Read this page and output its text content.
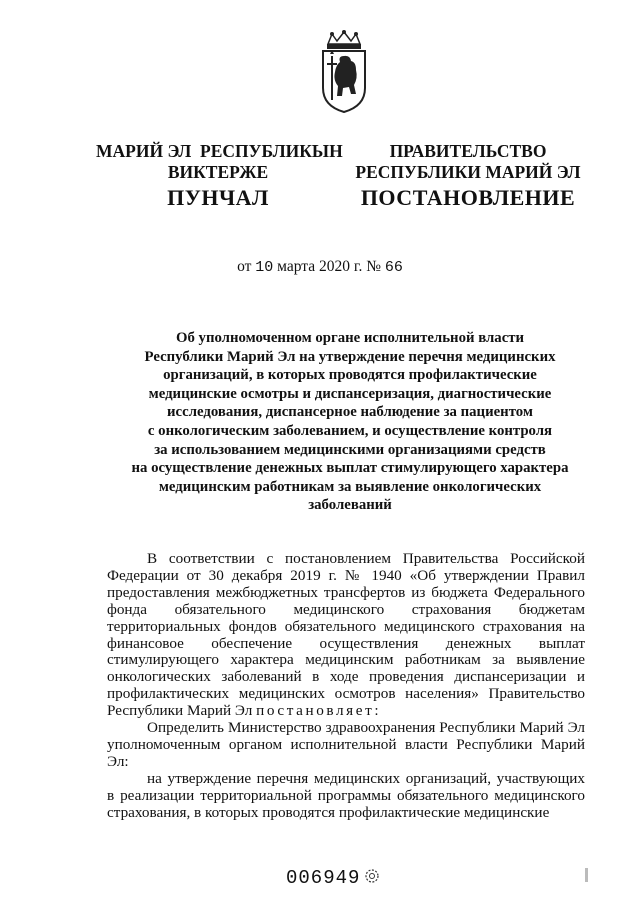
МАРИЙ ЭЛ  РЕСПУБЛИКЫН
ВИКТЕРЖЕ
ПУНЧАЛ
ПРАВИТЕЛЬСТВО
РЕСПУБЛИКИ МАРИЙ ЭЛ
ПОСТАНОВЛЕНИЕ
от 10 марта 2020 г. № 66
Об уполномоченном органе исполнительной власти
Республики Марий Эл на утверждение перечня медицинских
организаций, в которых проводятся профилактические
медицинские осмотры и диспансеризация, диагностические
исследования, диспансерное наблюдение за пациентом
с онкологическим заболеванием, и осуществление контроля
за использованием медицинскими организациями средств
на осуществление денежных выплат стимулирующего характера
медицинским работникам за выявление онкологических
заболеваний

В соответствии с постановлением Правительства Российской Федерации от 30 декабря 2019 г. № 1940 «Об утверждении Правил предоставления межбюджетных трансфертов из бюджета Федерального фонда обязательного медицинского страхования бюджетам территориальных фондов обязательного медицинского страхования на финансовое обеспечение осуществления денежных выплат стимулирующего характера медицинским работникам за выявление онкологических заболеваний в ходе проведения диспансеризации и профилактических медицинских осмотров населения» Правительство Республики Марий Эл постановляет:

Определить Министерство здравоохранения Республики Марий Эл уполномоченным органом исполнительной власти Республики Марий Эл:

на утверждение перечня медицинских организаций, участвующих в реализации территориальной программы обязательного медицинского страхования, в которых проводятся профилактические медицинские

006949
